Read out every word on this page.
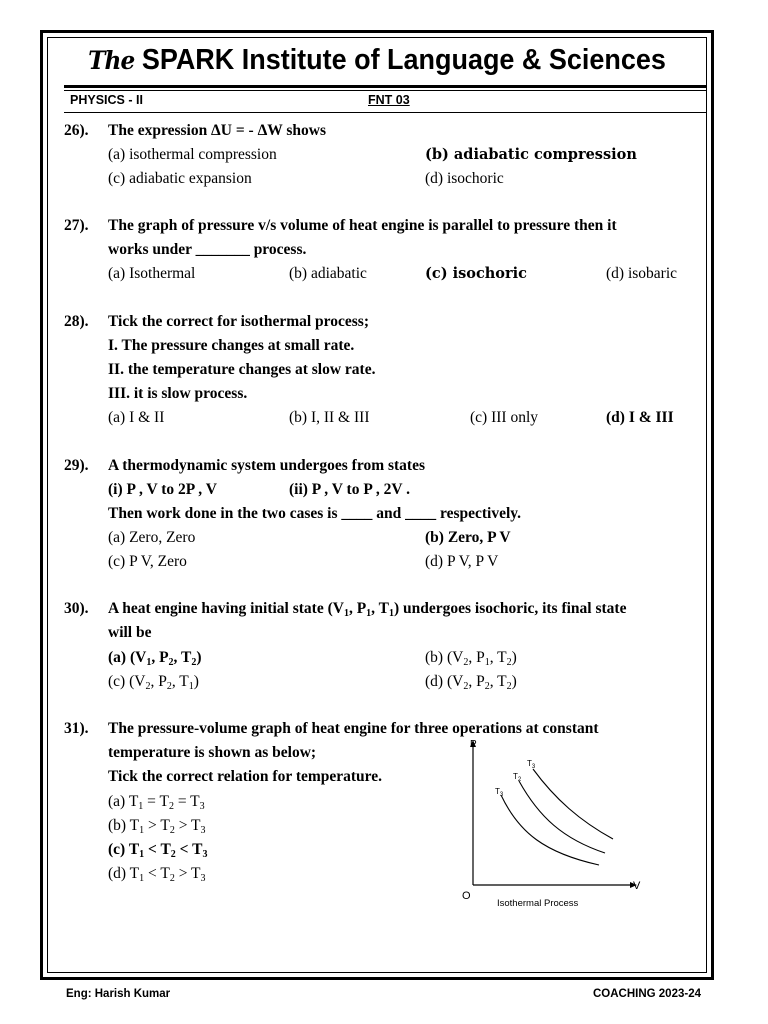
The SPARK Institute of Language & Sciences
PHYSICS - II	FNT 03
26). The expression ΔU = - ΔW shows
(a) isothermal compression	(b) adiabatic compression
(c) adiabatic expansion	(d) isochoric
27). The graph of pressure v/s volume of heat engine is parallel to pressure then it
works under _______ process.
(a) Isothermal	(b) adiabatic	(c) isochoric	(d) isobaric
28). Tick the correct for isothermal process;
I. The pressure changes at small rate.
II. the temperature changes at slow rate.
III. it is slow process.
(a) I & II	(b) I, II & III	(c) III only	(d) I & III
29). A thermodynamic system undergoes from states
(i) P , V to 2P , V	(ii) P , V to P , 2V .
Then work done in the two cases is ____ and ____ respectively.
(a) Zero, Zero	(b) Zero, P V
(c) P V, Zero	(d) P V, P V
30). A heat engine having initial state ($V_1$, $P_1$, $T_1$) undergoes isochoric, its final state
will be
(a) ($V_1$, $P_2$, $T_2$)	(b) ($V_2$, $P_1$, $T_2$)
(c) ($V_2$, $P_2$, $T_1$)	(d) ($V_2$, $P_2$, $T_2$)
31). The pressure-volume graph of heat engine for three operations at constant
temperature is shown as below;
Tick the correct relation for temperature.
(a) $T_1 = T_2 = T_3$
(b) $T_1 > T_2 > T_3$
(c) $T_1 < T_2 < T_3$
(d) $T_1 < T_2 > T_3$
P
V
O
$T_3$
$T_2$
$T_3$
Isothermal Process
Eng: Harish Kumar	COACHING 2023-24
